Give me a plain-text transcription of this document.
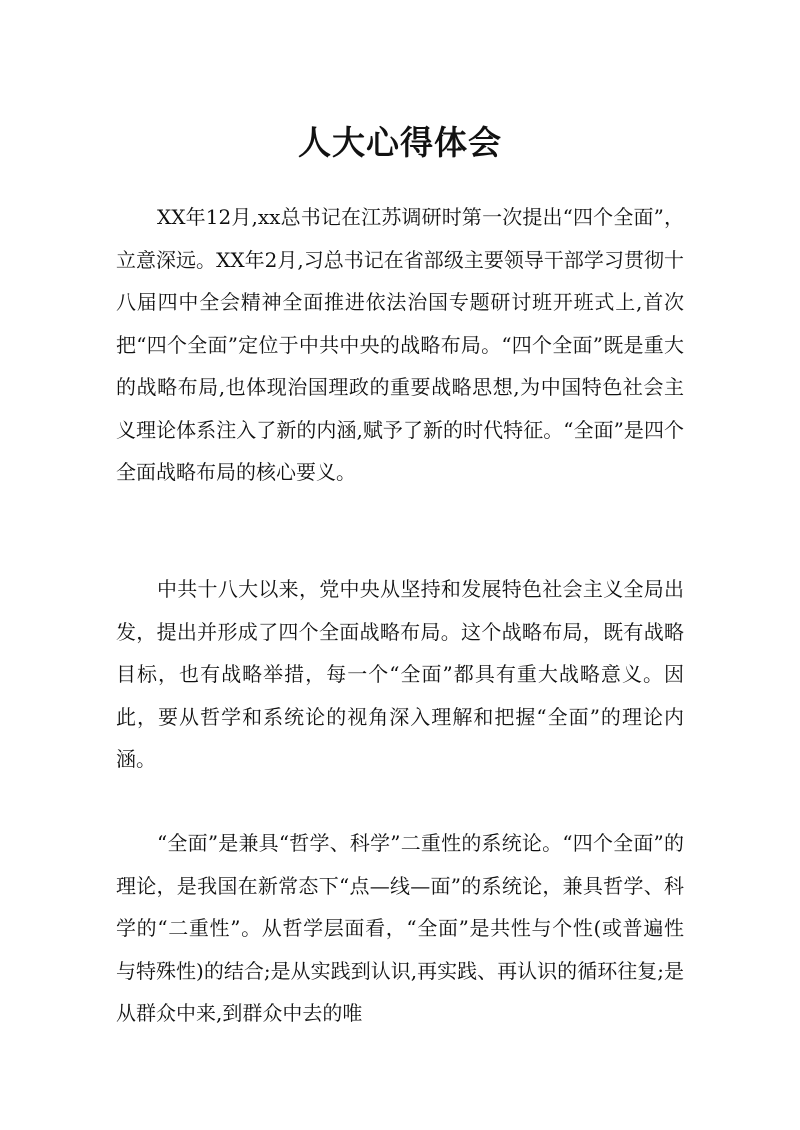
人大心得体会

XX年12月,xx总书记在江苏调研时第一次提出“四个全面”，立意深远。XX年2月,习总书记在省部级主要领导干部学习贯彻十八届四中全会精神全面推进依法治国专题研讨班开班式上,首次把“四个全面”定位于中共中央的战略布局。“四个全面”既是重大的战略布局,也体现治国理政的重要战略思想,为中国特色社会主义理论体系注入了新的内涵,赋予了新的时代特征。“全面”是四个全面战略布局的核心要义。

中共十八大以来，党中央从坚持和发展特色社会主义全局出发，提出并形成了四个全面战略布局。这个战略布局，既有战略目标，也有战略举措，每一个“全面”都具有重大战略意义。因此，要从哲学和系统论的视角深入理解和把握“全面”的理论内涵。

“全面”是兼具“哲学、科学”二重性的系统论。“四个全面”的理论，是我国在新常态下“点—线—面”的系统论，兼具哲学、科学的“二重性”。从哲学层面看，“全面”是共性与个性(或普遍性与特殊性)的结合;是从实践到认识,再实践、再认识的循环往复;是从群众中来,到群众中去的唯
